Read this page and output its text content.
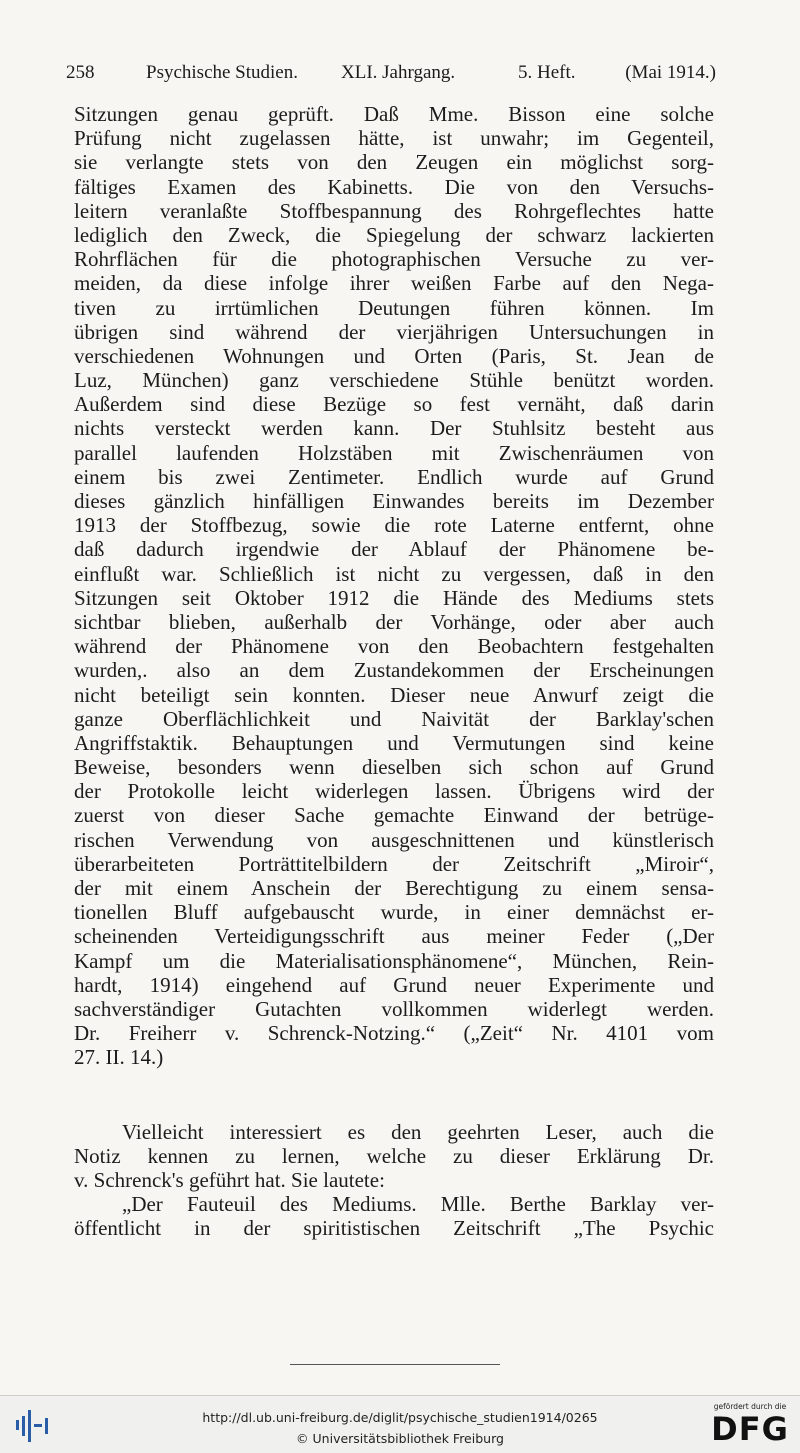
258	Psychische Studien. XLI. Jahrgang.	5. Heft.	(Mai 1914.)
Sitzungen genau geprüft. Daß Mme. Bisson eine solche
Prüfung nicht zugelassen hätte, ist unwahr; im Gegenteil,
sie verlangte stets von den Zeugen ein möglichst sorg-
fältiges Examen des Kabinetts. Die von den Versuchs-
leitern veranlaßte Stoffbespannung des Rohrgeflechtes hatte
lediglich den Zweck, die Spiegelung der schwarz lackierten
Rohrflächen für die photographischen Versuche zu ver-
meiden, da diese infolge ihrer weißen Farbe auf den Nega-
tiven zu irrtümlichen Deutungen führen können. Im
übrigen sind während der vierjährigen Untersuchungen in
verschiedenen Wohnungen und Orten (Paris, St. Jean de
Luz, München) ganz verschiedene Stühle benützt worden.
Außerdem sind diese Bezüge so fest vernäht, daß darin
nichts versteckt werden kann. Der Stuhlsitz besteht aus
parallel laufenden Holzstäben mit Zwischenräumen von
einem bis zwei Zentimeter. Endlich wurde auf Grund
dieses gänzlich hinfälligen Einwandes bereits im Dezember
1913 der Stoffbezug, sowie die rote Laterne entfernt, ohne
daß dadurch irgendwie der Ablauf der Phänomene be-
einflußt war. Schließlich ist nicht zu vergessen, daß in den
Sitzungen seit Oktober 1912 die Hände des Mediums stets
sichtbar blieben, außerhalb der Vorhänge, oder aber auch
während der Phänomene von den Beobachtern festgehalten
wurden,. also an dem Zustandekommen der Erscheinungen
nicht beteiligt sein konnten. Dieser neue Anwurf zeigt die
ganze Oberflächlichkeit und Naivität der Barklay'schen
Angriffstaktik. Behauptungen und Vermutungen sind keine
Beweise, besonders wenn dieselben sich schon auf Grund
der Protokolle leicht widerlegen lassen. Übrigens wird der
zuerst von dieser Sache gemachte Einwand der betrüge-
rischen Verwendung von ausgeschnittenen und künstlerisch
überarbeiteten Porträttitelbildern der Zeitschrift „Miroir“,
der mit einem Anschein der Berechtigung zu einem sensa-
tionellen Bluff aufgebauscht wurde, in einer demnächst er-
scheinenden Verteidigungsschrift aus meiner Feder („Der
Kampf um die Materialisationsphänomene“, München, Rein-
hardt, 1914) eingehend auf Grund neuer Experimente und
sachverständiger Gutachten vollkommen widerlegt werden.
Dr. Freiherr v. Schrenck-Notzing.“ („Zeit“ Nr. 4101 vom
27. II. 14.)
Vielleicht interessiert es den geehrten Leser, auch die
Notiz kennen zu lernen, welche zu dieser Erklärung Dr.
v. Schrenck's geführt hat. Sie lautete:
„Der Fauteuil des Mediums. Mlle. Berthe Barklay ver-
öffentlicht in der spiritistischen Zeitschrift „The Psychic
http://dl.ub.uni-freiburg.de/diglit/psychische_studien1914/0265
© Universitätsbibliothek Freiburg
gefördert durch die
DFG
